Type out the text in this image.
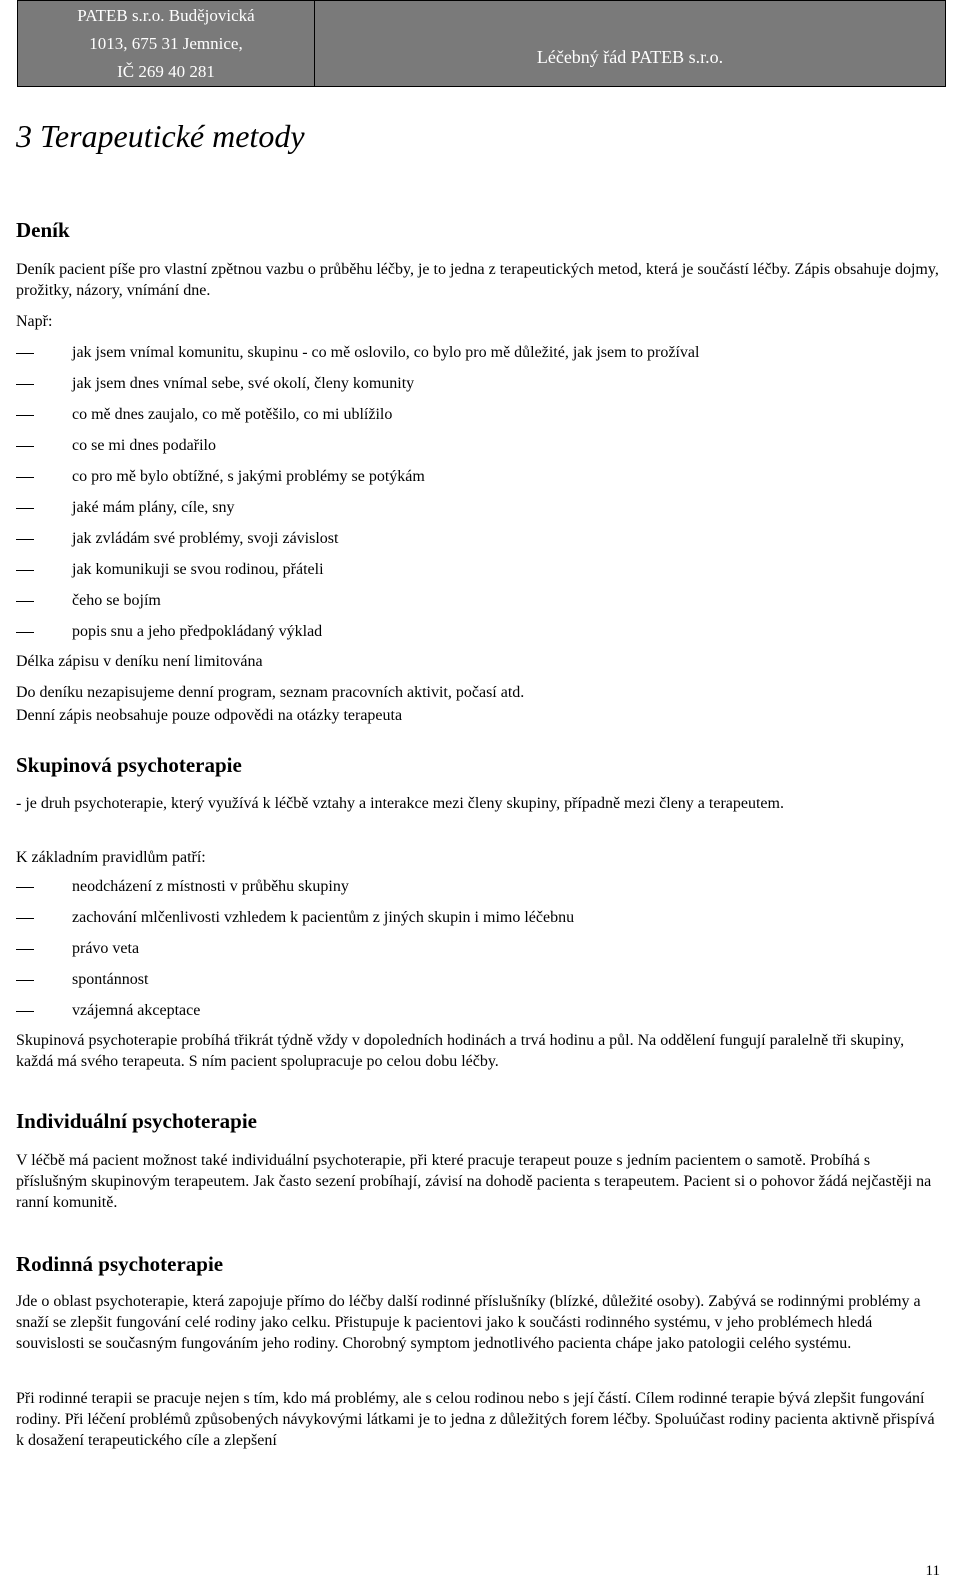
PATEB s.r.o. Budějovická
1013, 675 31 Jemnice,
IČ 269 40 281
	Léčebný řád PATEB s.r.o.
3 Terapeutické metody
Deník

Deník pacient píše pro vlastní zpětnou vazbu o průběhu léčby, je to jedna z terapeutických metod, která je součástí léčby. Zápis obsahuje dojmy, prožitky, názory, vnímání dne.

Např:

jak jsem vnímal komunitu, skupinu - co mě oslovilo, co bylo pro mě důležité, jak jsem to prožíval
jak jsem dnes vnímal sebe, své okolí, členy komunity
co mě dnes zaujalo, co mě potěšilo, co mi ublížilo
co se mi dnes podařilo
co pro mě bylo obtížné, s jakými problémy se potýkám
jaké mám plány, cíle, sny
jak zvládám své problémy, svoji závislost
jak komunikuji se svou rodinou, přáteli
čeho se bojím
popis snu a jeho předpokládaný výklad

Délka zápisu v deníku není limitována

Do deníku nezapisujeme denní program, seznam pracovních aktivit, počasí atd.

Denní zápis neobsahuje pouze odpovědi na otázky terapeuta

Skupinová psychoterapie

- je druh psychoterapie, který využívá k léčbě vztahy a interakce mezi členy skupiny, případně mezi členy a terapeutem.

K základním pravidlům patří:

neodcházení z místnosti v průběhu skupiny
zachování mlčenlivosti vzhledem k pacientům z jiných skupin i mimo léčebnu
právo veta
spontánnost
vzájemná akceptace

Skupinová psychoterapie probíhá třikrát týdně vždy v dopoledních hodinách a trvá hodinu a půl. Na oddělení fungují paralelně tři skupiny, každá má svého terapeuta. S ním pacient spolupracuje po celou dobu léčby.

Individuální psychoterapie

V léčbě má pacient možnost také individuální psychoterapie, při které pracuje terapeut pouze s jedním pacientem o samotě. Probíhá s příslušným skupinovým terapeutem. Jak často sezení probíhají, závisí na dohodě pacienta s terapeutem. Pacient si o pohovor žádá nejčastěji na ranní komunitě.

Rodinná psychoterapie

Jde o oblast psychoterapie, která zapojuje přímo do léčby další rodinné příslušníky (blízké, důležité osoby). Zabývá se rodinnými problémy a snaží se zlepšit fungování celé rodiny jako celku. Přistupuje k pacientovi jako k součásti rodinného systému, v jeho problémech hledá souvislosti se současným fungováním jeho rodiny. Chorobný symptom jednotlivého pacienta chápe jako patologii celého systému.

Při rodinné terapii se pracuje nejen s tím, kdo má problémy, ale s celou rodinou nebo s její částí. Cílem rodinné terapie bývá zlepšit fungování rodiny. Při léčení problémů způsobených návykovými látkami je to jedna z důležitých forem léčby. Spoluúčast rodiny pacienta aktivně přispívá k dosažení terapeutického cíle a zlepšení

11
